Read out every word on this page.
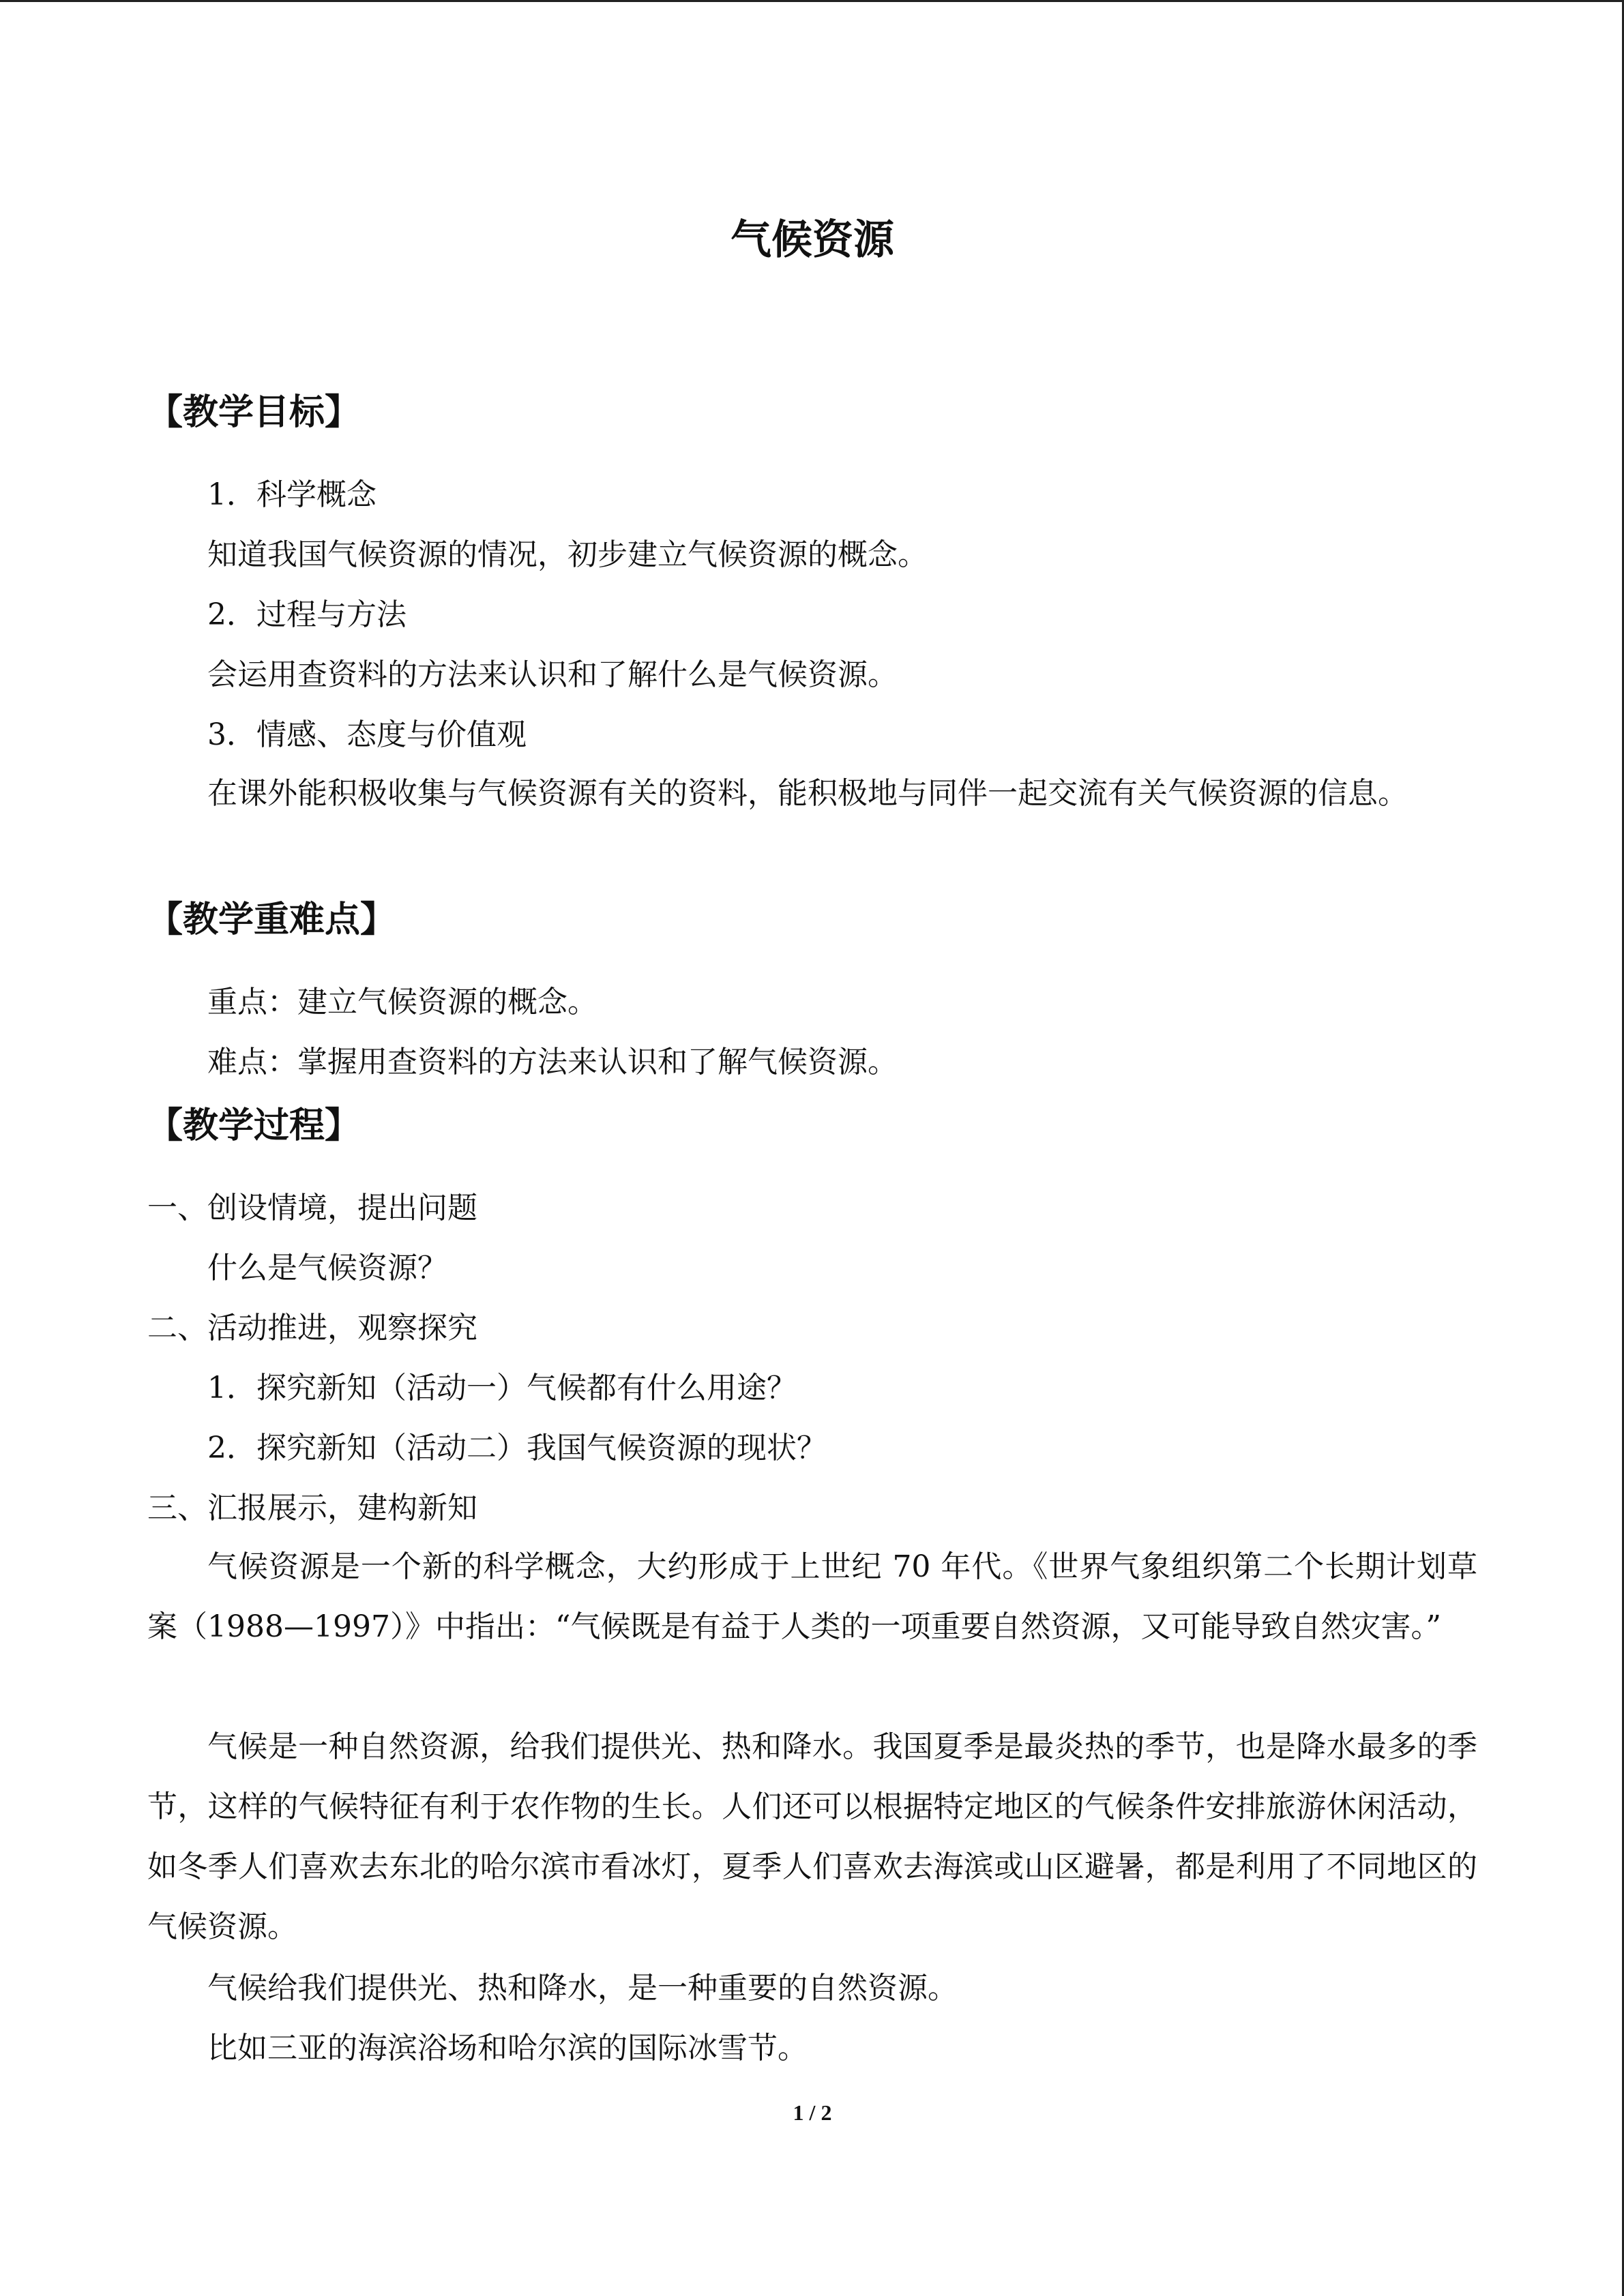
气候资源
【教学目标】

1．科学概念

知道我国气候资源的情况，初步建立气候资源的概念。

2．过程与方法

会运用查资料的方法来认识和了解什么是气候资源。

3．情感、态度与价值观

在课外能积极收集与气候资源有关的资料，能积极地与同伴一起交流有关气候资源的信息。

【教学重难点】

重点：建立气候资源的概念。

难点：掌握用查资料的方法来认识和了解气候资源。

【教学过程】

一、创设情境，提出问题

什么是气候资源？

二、活动推进，观察探究

1．探究新知（活动一）气候都有什么用途？

2．探究新知（活动二）我国气候资源的现状？

三、汇报展示，建构新知

气候资源是一个新的科学概念，大约形成于上世纪 70 年代。《世界气象组织第二个长期计划草案（1988—1997）》中指出：“气候既是有益于人类的一项重要自然资源，又可能导致自然灾害。”

气候是一种自然资源，给我们提供光、热和降水。我国夏季是最炎热的季节，也是降水最多的季节，这样的气候特征有利于农作物的生长。人们还可以根据特定地区的气候条件安排旅游休闲活动，如冬季人们喜欢去东北的哈尔滨市看冰灯，夏季人们喜欢去海滨或山区避暑，都是利用了不同地区的气候资源。

气候给我们提供光、热和降水，是一种重要的自然资源。

比如三亚的海滨浴场和哈尔滨的国际冰雪节。

1 / 2
